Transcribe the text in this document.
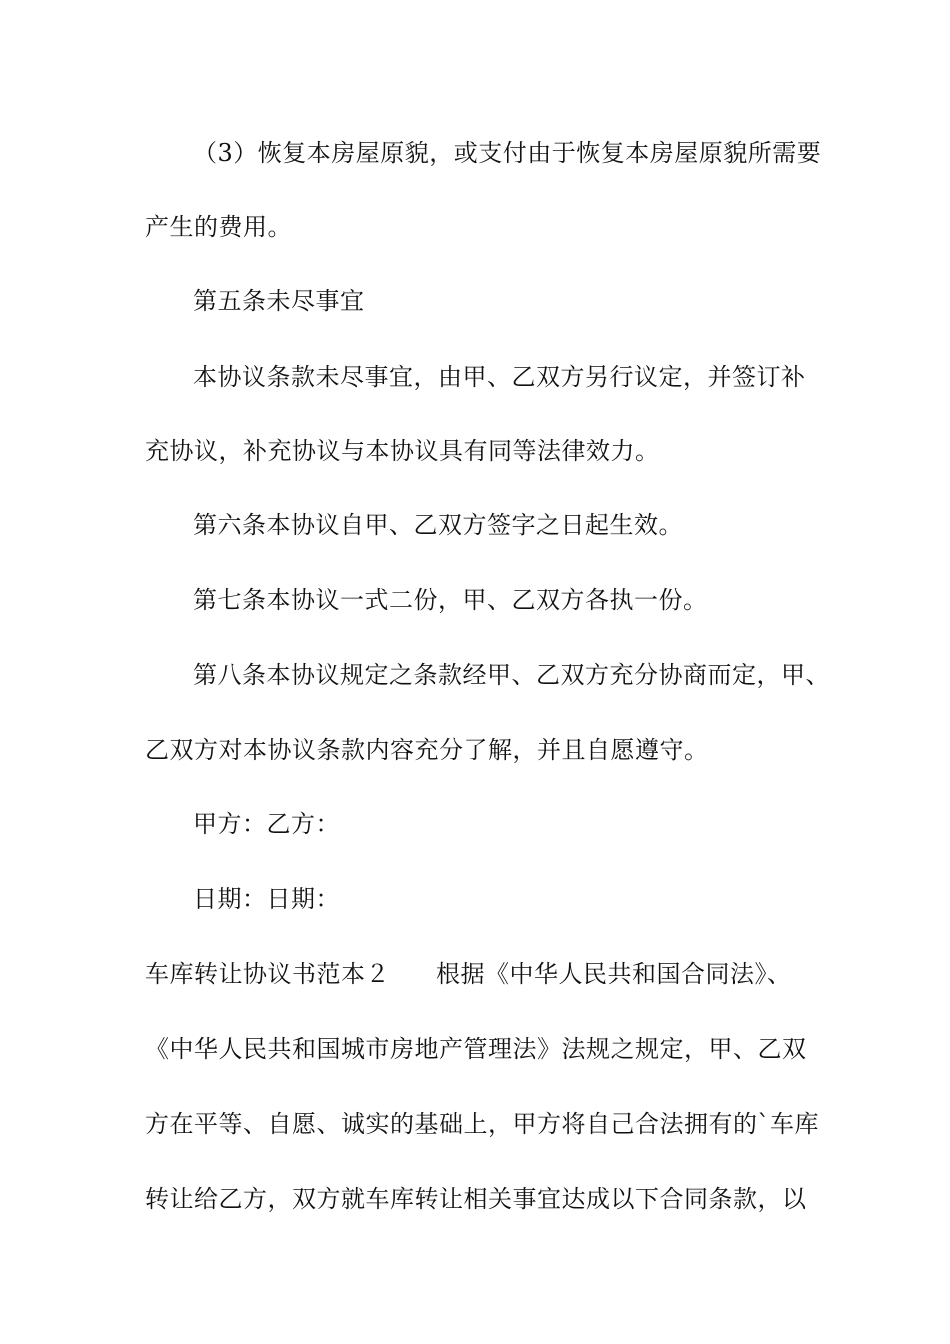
（3）恢复本房屋原貌，或支付由于恢复本房屋原貌所需要
产生的费用。
第五条未尽事宜
本协议条款未尽事宜，由甲、乙双方另行议定，并签订补
充协议，补充协议与本协议具有同等法律效力。
第六条本协议自甲、乙双方签字之日起生效。
第七条本协议一式二份，甲、乙双方各执一份。
第八条本协议规定之条款经甲、乙双方充分协商而定，甲、
乙双方对本协议条款内容充分了解，并且自愿遵守。
甲方：乙方：
日期：日期：
车库转让协议书范本２ 根据《中华人民共和国合同法》、
《中华人民共和国城市房地产管理法》法规之规定，甲、乙双
方在平等、自愿、诚实的基础上，甲方将自己合法拥有的`车库
转让给乙方，双方就车库转让相关事宜达成以下合同条款，以
